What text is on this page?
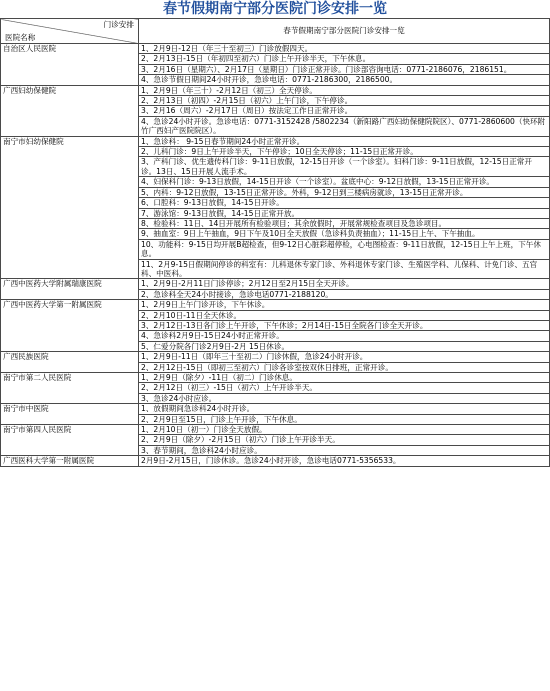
春节假期南宁部分医院门诊安排一览
门诊安排
医院名称	春节假期南宁部分医院门诊安排一览

自治区人民医院	1、2月9日-12日（年三十至初三）门诊放假四天。

	2、2月13日-15日（年初四至初六）门诊上午开诊半天，下午休息。

	3、2月16日（星期六）、2月17日（星期日）门诊正常开诊。门诊部咨询电话：0771-2186076，2186151。

	4、急诊节假日期间24小时开诊，急诊电话：0771-2186300，2186500。

广西妇幼保健院	1、2月9日（年三十）-2月12日（初三）全天停诊。

	2、2月13日（初四）-2月15日（初六）上午门诊，下午停诊。

	3、2月16（周六）-2月17日（周日）按法定工作日正常开诊。

	4、急诊24小时开诊。急诊电话：0771-3152428 /5802234（新阳路广西妇幼保健院院区）、0771-2860600（快环附竹广西妇产医院院区）。

南宁市妇幼保健院	1、急诊科： 9-15日春节期间24小时正常开诊。

	2、儿科门诊：9日上午开诊半天，下午停诊；10日全天停诊；11-15日正常开诊。

	3、产科门诊、优生遗传科门诊：9-11日放假，12-15日开诊（一个诊室）。妇科门诊：9-11日放假，12-15日正常开诊。13日、15日开展人流手术。

	4、妇保科门诊：9-13日放假，14-15日开诊（一个诊室）。盆底中心：9-12日放假，13-15日正常开诊。

	5、内科：9-12日放假，13-15日正常开诊。外科，9-12日到三楼病房就诊，13-15日正常开诊。

	6、口腔科：9-13日放假，14-15日开诊。

	7、游泳馆：9-13日放假，14-15日正常开放。

	8、检验科：11日、14日开展所有检验项目；其余放假时，开展常规检查项目及急诊项目。

	9、抽血室：9日上午抽血，9日下午及10日全天放假（急诊科负责抽血）；11-15日上午、下午抽血。

	10、功能科：9-15日均开展B超检查，但9-12日心脏彩超停检，心电图检查：9-11日放假，12-15日上午上班，下午休息。

	11、2月9-15日假期间停诊的科室有：儿科退休专家门诊、外科退休专家门诊、生殖医学科、儿保科、计免门诊、五官科、中医科。

广西中医药大学附属瑞康医院	1、2月9日-2月11日门诊停诊；2月12日至2月15日全天开诊。

	2、急诊科全天24小时接诊，急诊电话0771-2188120。

广西中医药大学第一附属医院	1、2月9日上午门诊开诊，下午休诊。

	2、2月10日-11日全天休诊。

	3、2月12日-13日各门诊上午开诊，下午休诊；2月14日-15日全院各门诊全天开诊。

	4、急诊科2月9日-15日24小时正常开诊。

	5、仁爱分院各门诊2月9日-2月 15日休诊。

广西民族医院	1、2月9日-11日（即年三十至初二）门诊休假，急诊24小时开诊。

	2、2月12日-15日（即初三至初六）门诊各诊室按双休日排班，正常开诊。

南宁市第二人民医院	1、2月9日（除夕）-11日（初二）门诊休息。

	2、2月12日（初三）-15日（初六）上午开诊半天。

	3、急诊24小时应诊。

南宁市中医院	1、放假期间急诊科24小时开诊。

	2、2月9日至15日，门诊上午开诊，下午休息。

南宁市第四人民医院	1、2月10日（初一）门诊全天放假。

	2、2月9日（除夕）-2月15日（初六）门诊上午开诊半天。

	3、春节期间，急诊科24小时应诊。

广西医科大学第一附属医院	2月9日-2月15日，门诊休诊。急诊24小时开诊，急诊电话0771-5356533。
